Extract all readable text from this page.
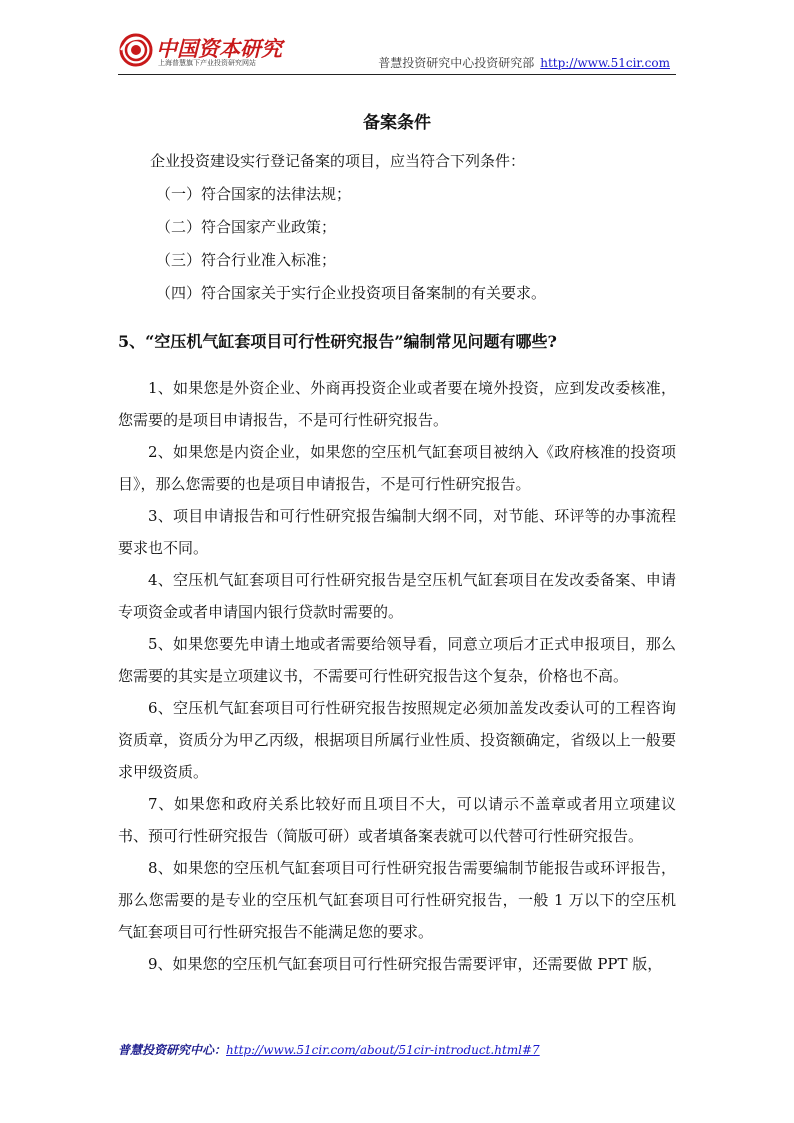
中国资本研究
上海普慧旗下产业投资研究网站	普慧投资研究中心投资研究部 http://www.51cir.com
备案条件
企业投资建设实行登记备案的项目，应当符合下列条件：
（一）符合国家的法律法规；
（二）符合国家产业政策；
（三）符合行业准入标准；
（四）符合国家关于实行企业投资项目备案制的有关要求。
5、“空压机气缸套项目可行性研究报告”编制常见问题有哪些?

1、如果您是外资企业、外商再投资企业或者要在境外投资，应到发改委核准，您需要的是项目申请报告，不是可行性研究报告。

2、如果您是内资企业，如果您的空压机气缸套项目被纳入《政府核准的投资项目》，那么您需要的也是项目申请报告，不是可行性研究报告。

3、项目申请报告和可行性研究报告编制大纲不同，对节能、环评等的办事流程要求也不同。

4、空压机气缸套项目可行性研究报告是空压机气缸套项目在发改委备案、申请专项资金或者申请国内银行贷款时需要的。

5、如果您要先申请土地或者需要给领导看，同意立项后才正式申报项目，那么您需要的其实是立项建议书，不需要可行性研究报告这个复杂，价格也不高。

6、空压机气缸套项目可行性研究报告按照规定必须加盖发改委认可的工程咨询资质章，资质分为甲乙丙级，根据项目所属行业性质、投资额确定，省级以上一般要求甲级资质。

7、如果您和政府关系比较好而且项目不大，可以请示不盖章或者用立项建议书、预可行性研究报告（简版可研）或者填备案表就可以代替可行性研究报告。

8、如果您的空压机气缸套项目可行性研究报告需要编制节能报告或环评报告，那么您需要的是专业的空压机气缸套项目可行性研究报告，一般 1 万以下的空压机气缸套项目可行性研究报告不能满足您的要求。

9、如果您的空压机气缸套项目可行性研究报告需要评审，还需要做 PPT 版，

普慧投资研究中心：http://www.51cir.com/about/51cir-introduct.html#7
